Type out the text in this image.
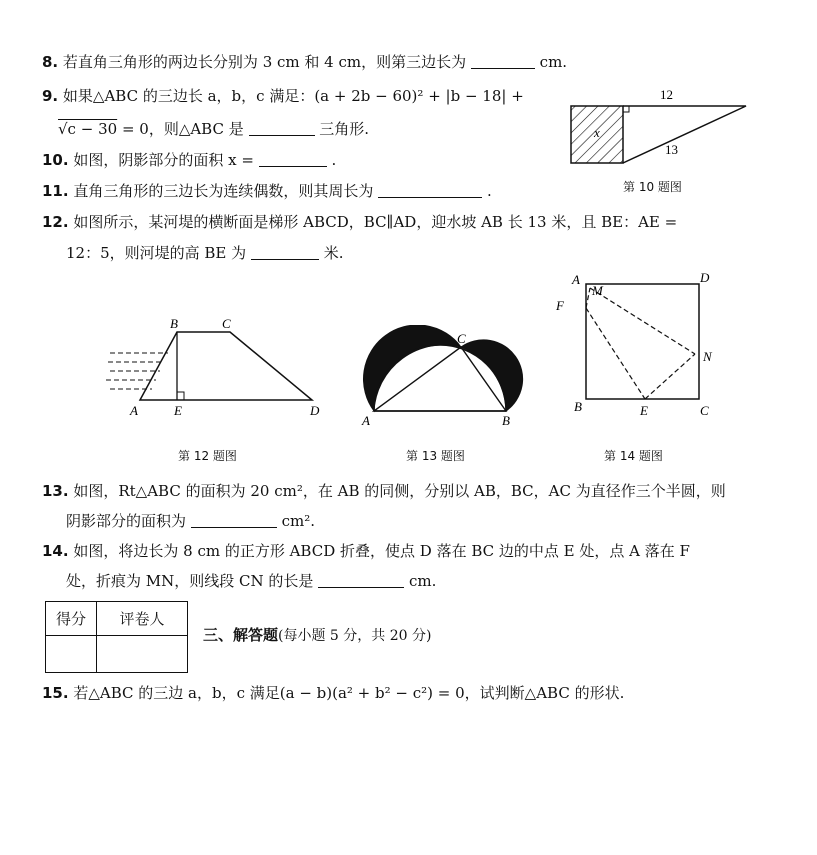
8. 若直角三角形的两边长分别为 3 cm 和 4 cm，则第三边长为	cm.
9. 如果△ABC 的三边长 a，b，c 满足：(a + 2b − 60)² + |b − 18| +
√c − 30 = 0，则△ABC 是	三角形.
10. 如图，阴影部分的面积 x =	.
11. 直角三角形的三边长为连续偶数，则其周长为	.
12
13
x
第 10 题图
12. 如图所示，某河堤的横断面是梯形 ABCD，BC∥AD，迎水坡 AB 长 13 米，且 BE：AE =
12：5，则河堤的高 BE 为	米.
A
B	C
D
E
第 12 题图
A
C
B
第 13 题图
A	D
M
F
N
B	E	C
第 14 题图
13. 如图，Rt△ABC 的面积为 20 cm²，在 AB 的同侧，分别以 AB，BC，AC 为直径作三个半圆，则
阴影部分的面积为	cm².
14. 如图，将边长为 8 cm 的正方形 ABCD 折叠，使点 D 落在 BC 边的中点 E 处，点 A 落在 F
处，折痕为 MN，则线段 CN 的长是	cm.
得分	评卷人

三、解答题(每小题 5 分，共 20 分)
15. 若△ABC 的三边 a，b，c 满足(a − b)(a² + b² − c²) = 0，试判断△ABC 的形状.
